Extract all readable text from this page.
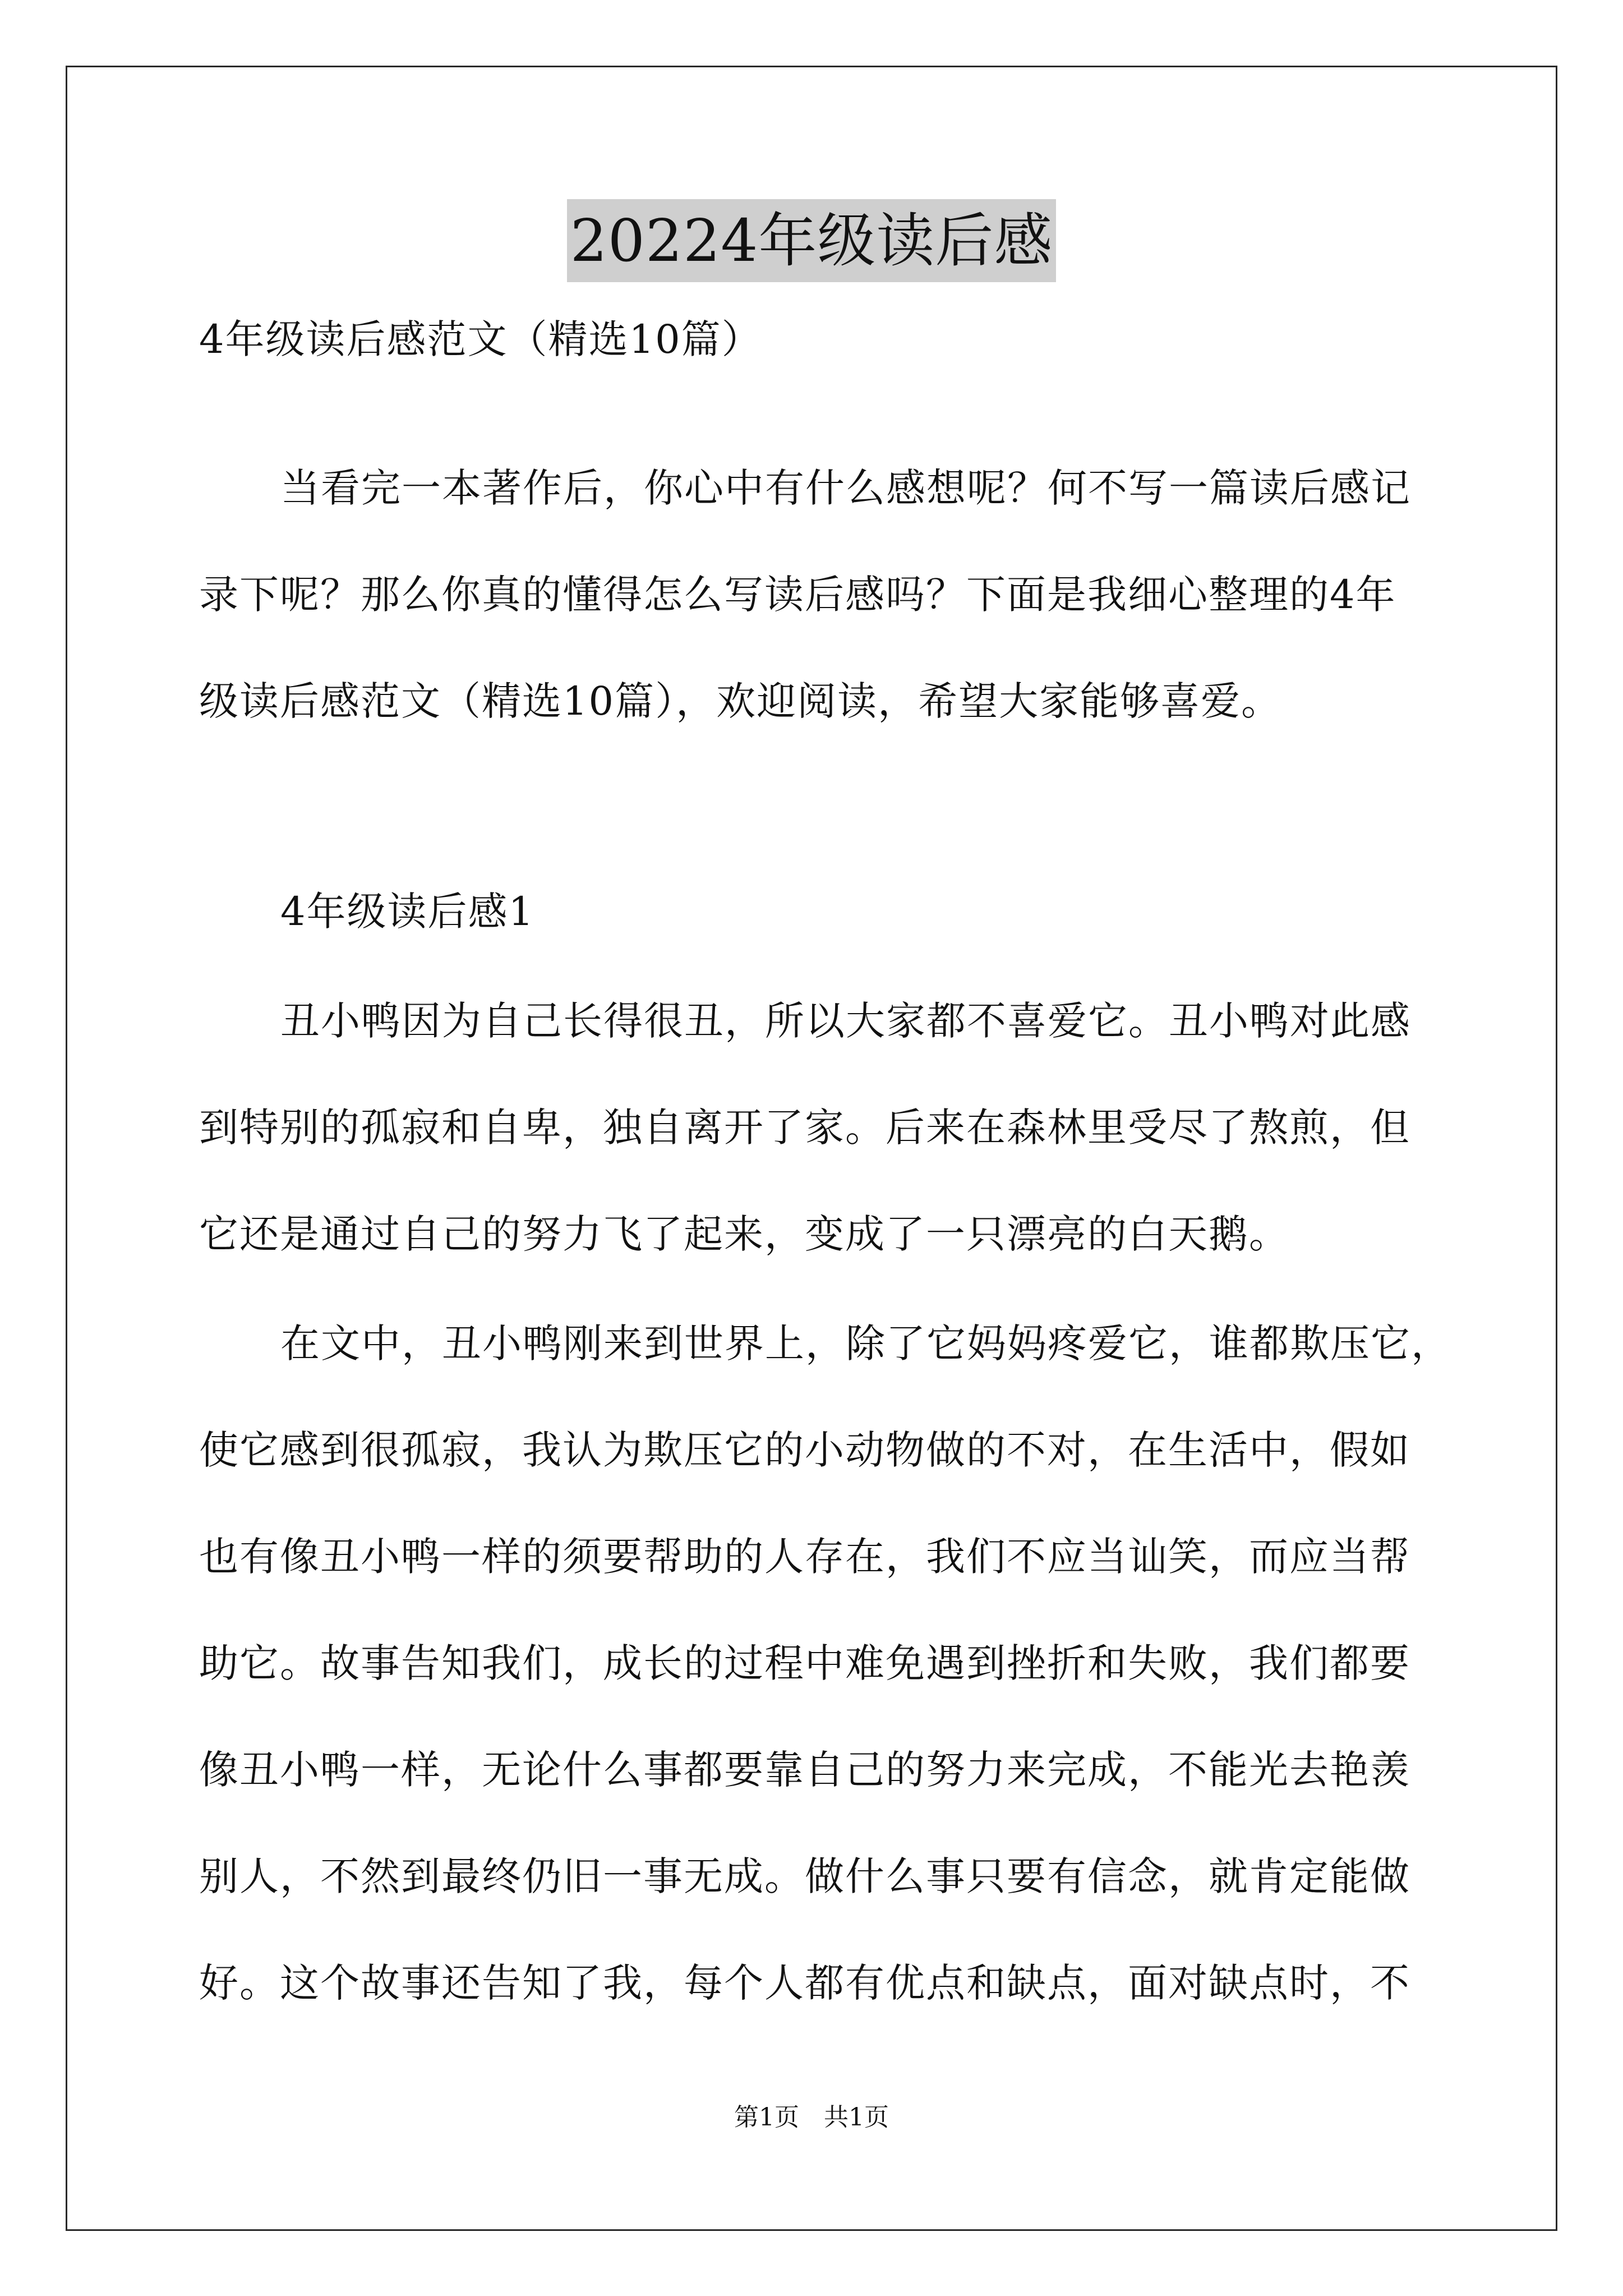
20224年级读后感
4年级读后感范文（精选10篇）
当看完一本著作后，你心中有什么感想呢？何不写一篇读后感记
录下呢？那么你真的懂得怎么写读后感吗？下面是我细心整理的4年
级读后感范文（精选10篇），欢迎阅读，希望大家能够喜爱。
4年级读后感1
丑小鸭因为自己长得很丑，所以大家都不喜爱它。丑小鸭对此感
到特别的孤寂和自卑，独自离开了家。后来在森林里受尽了熬煎，但
它还是通过自己的努力飞了起来，变成了一只漂亮的白天鹅。
在文中，丑小鸭刚来到世界上，除了它妈妈疼爱它，谁都欺压它，
使它感到很孤寂，我认为欺压它的小动物做的不对，在生活中，假如
也有像丑小鸭一样的须要帮助的人存在，我们不应当讪笑，而应当帮
助它。故事告知我们，成长的过程中难免遇到挫折和失败，我们都要
像丑小鸭一样，无论什么事都要靠自己的努力来完成，不能光去艳羡
别人，不然到最终仍旧一事无成。做什么事只要有信念，就肯定能做
好。这个故事还告知了我，每个人都有优点和缺点，面对缺点时，不
第1页　共1页
